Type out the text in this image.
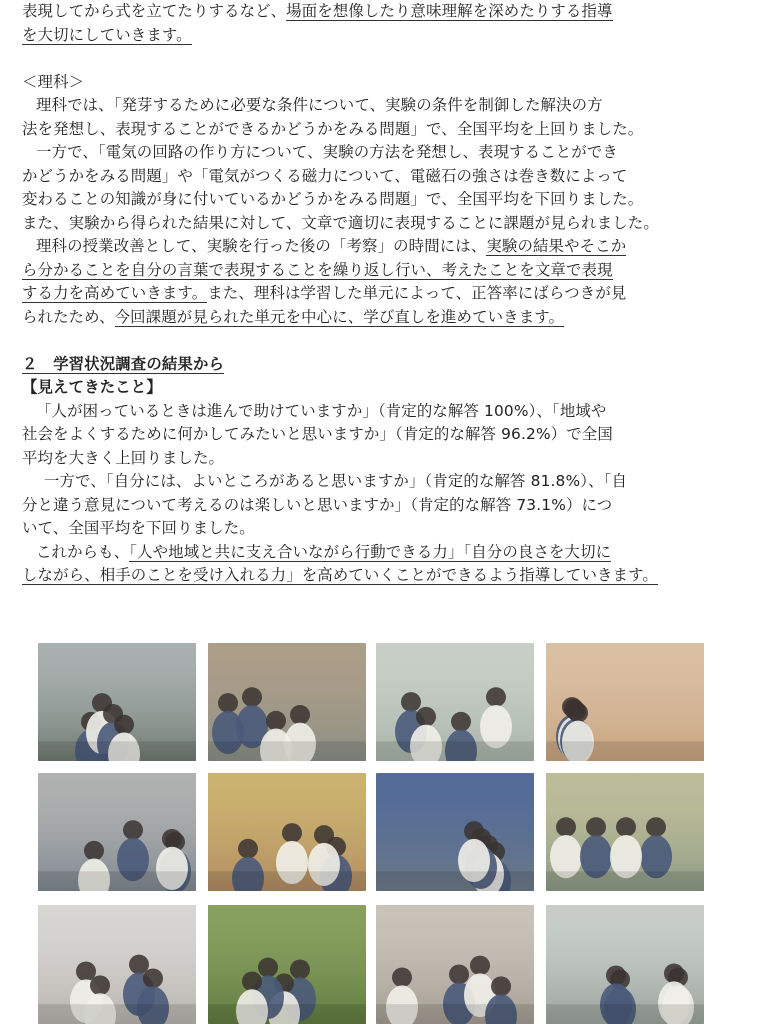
表現してから式を立てたりするなど、場面を想像したり意味理解を深めたりする指導
を大切にしていきます。
＜理科＞
理科では、「発芽するために必要な条件について、実験の条件を制御した解決の方
法を発想し、表現することができるかどうかをみる問題」で、全国平均を上回りました。
一方で、「電気の回路の作り方について、実験の方法を発想し、表現することができ
かどうかをみる問題」や「電気がつくる磁力について、電磁石の強さは巻き数によって
変わることの知識が身に付いているかどうかをみる問題」で、全国平均を下回りました。
また、実験から得られた結果に対して、文章で適切に表現することに課題が見られました。
理科の授業改善として、実験を行った後の「考察」の時間には、実験の結果やそこか
ら分かることを自分の言葉で表現することを繰り返し行い、考えたことを文章で表現
する力を高めていきます。また、理科は学習した単元によって、正答率にばらつきが見
られたため、今回課題が見られた単元を中心に、学び直しを進めていきます。
２　学習状況調査の結果から
【見えてきたこと】
「人が困っているときは進んで助けていますか」（肯定的な解答 100%）、「地域や
社会をよくするために何かしてみたいと思いますか」（肯定的な解答 96.2%）で全国
平均を大きく上回りました。
一方で、「自分には、よいところがあると思いますか」（肯定的な解答 81.8%）、「自
分と違う意見について考えるのは楽しいと思いますか」（肯定的な解答 73.1%）につ
いて、全国平均を下回りました。
これからも、「人や地域と共に支え合いながら行動できる力」「自分の良さを大切に
しながら、相手のことを受け入れる力」を高めていくことができるよう指導していきます。
